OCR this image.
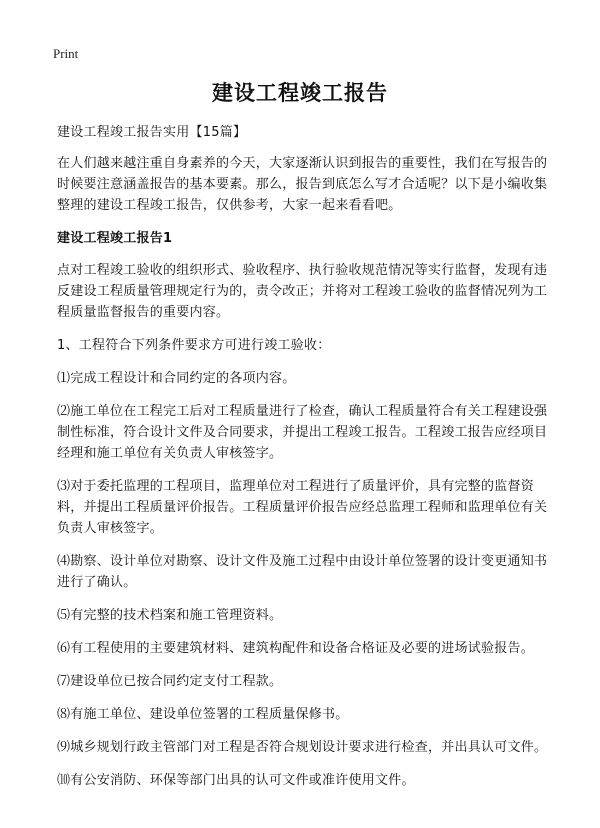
Print
建设工程竣工报告

建设工程竣工报告实用【15篇】

在人们越来越注重自身素养的今天，大家逐渐认识到报告的重要性，我们在写报告的时候要注意涵盖报告的基本要素。那么，报告到底怎么写才合适呢？以下是小编收集整理的建设工程竣工报告，仅供参考，大家一起来看看吧。

建设工程竣工报告1

点对工程竣工验收的组织形式、验收程序、执行验收规范情况等实行监督，发现有违反建设工程质量管理规定行为的，责令改正；并将对工程竣工验收的监督情况列为工程质量监督报告的重要内容。

1、工程符合下列条件要求方可进行竣工验收：

⑴完成工程设计和合同约定的各项内容。

⑵施工单位在工程完工后对工程质量进行了检查，确认工程质量符合有关工程建设强制性标准，符合设计文件及合同要求，并提出工程竣工报告。工程竣工报告应经项目经理和施工单位有关负责人审核签字。

⑶对于委托监理的工程项目，监理单位对工程进行了质量评价，具有完整的监督资料，并提出工程质量评价报告。工程质量评价报告应经总监理工程师和监理单位有关负责人审核签字。

⑷勘察、设计单位对勘察、设计文件及施工过程中由设计单位签署的设计变更通知书进行了确认。

⑸有完整的技术档案和施工管理资料。

⑹有工程使用的主要建筑材料、建筑构配件和设备合格证及必要的进场试验报告。

⑺建设单位已按合同约定支付工程款。

⑻有施工单位、建设单位签署的工程质量保修书。

⑼城乡规划行政主管部门对工程是否符合规划设计要求进行检查，并出具认可文件。

⑽有公安消防、环保等部门出具的认可文件或准许使用文件。
